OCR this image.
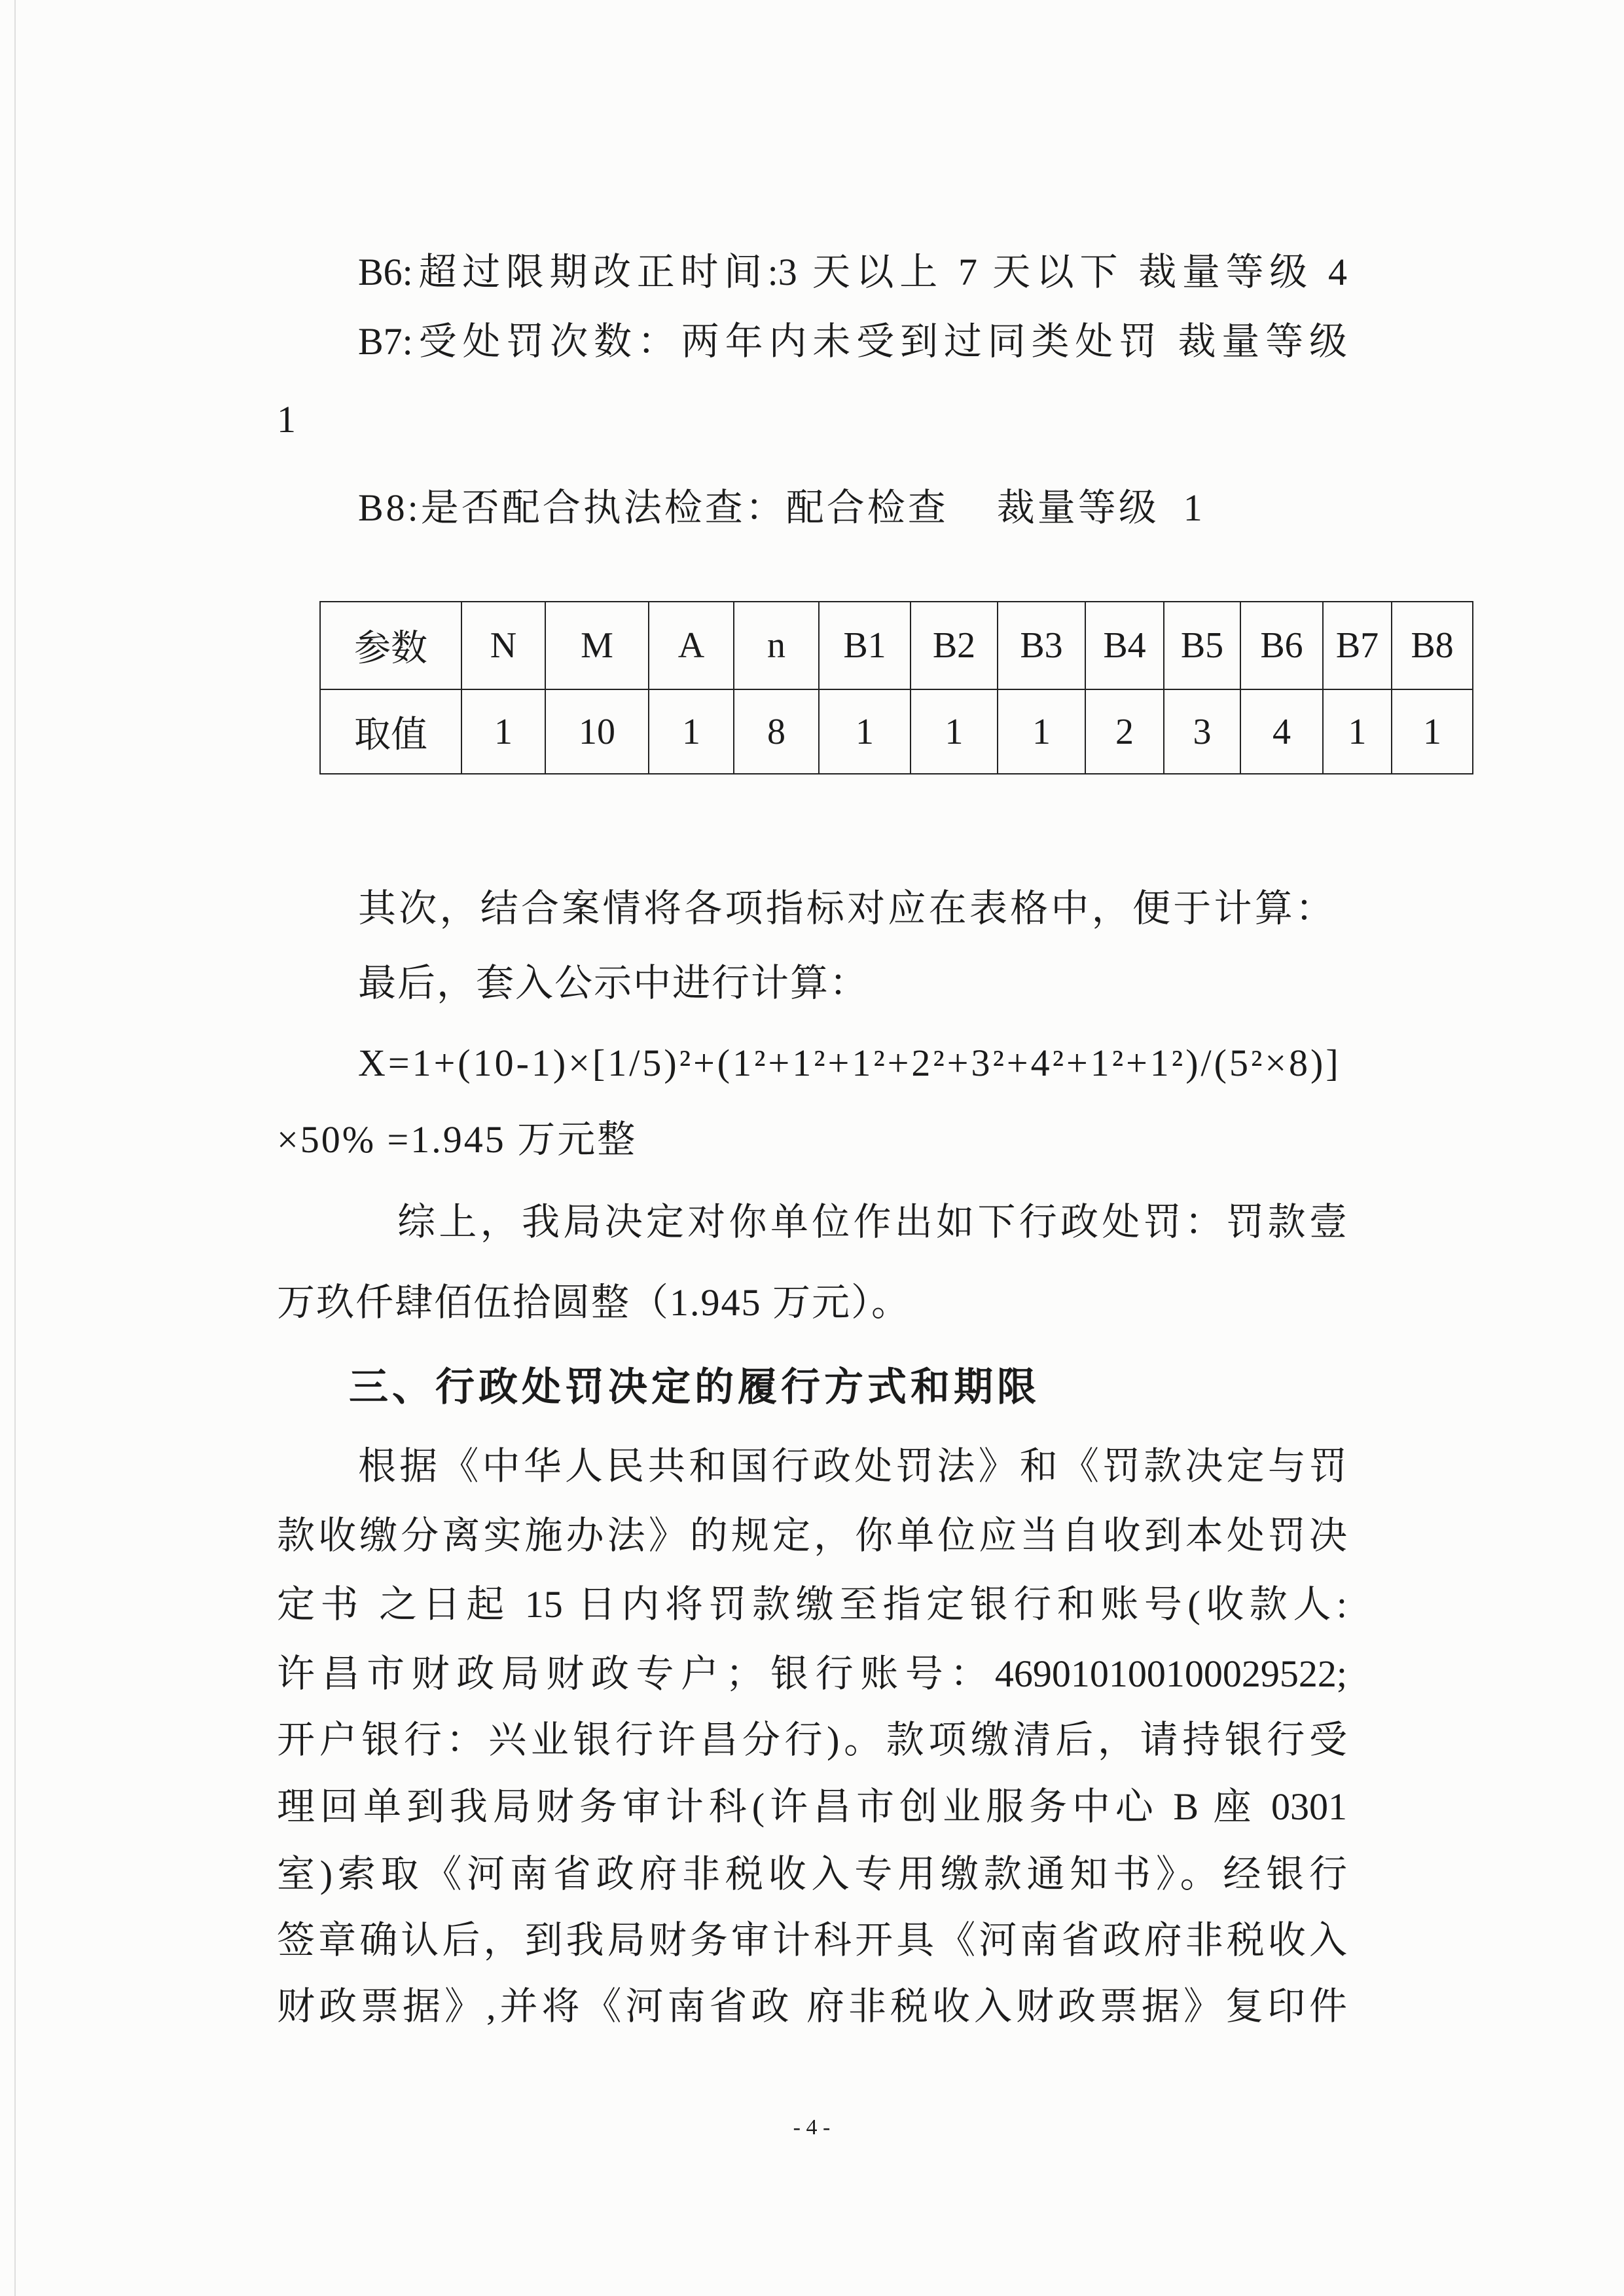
B6:超过限期改正时间:3 天以上 7 天以下 裁量等级 4
B7:受处罚次数：两年内未受到过同类处罚 裁量等级
1
B8:是否配合执法检查：配合检查    裁量等级  1
参数	N	M	A	n	B1	B2	B3	B4	B5	B6	B7	B8
取值	1	10	1	8	1	1	1	2	3	4	1	1
其次，结合案情将各项指标对应在表格中，便于计算：
最后，套入公示中进行计算：
X=1+(10-1)×[1/5)²+(1²+1²+1²+2²+3²+4²+1²+1²)/(5²×8)]
×50% =1.945 万元整
综上，我局决定对你单位作出如下行政处罚：罚款壹
万玖仟肆佰伍拾圆整（1.945 万元）。
三、行政处罚决定的履行方式和期限
根据《中华人民共和国行政处罚法》和《罚款决定与罚
款收缴分离实施办法》的规定，你单位应当自收到本处罚决
定书 之日起 15 日内将罚款缴至指定银行和账号(收款人:
许昌市财政局财政专户；银行账号：469010100100029522;
开户银行：兴业银行许昌分行)。款项缴清后，请持银行受
理回单到我局财务审计科(许昌市创业服务中心 B 座 0301
室)索取《河南省政府非税收入专用缴款通知书》。经银行
签章确认后，到我局财务审计科开具《河南省政府非税收入
财政票据》,并将《河南省政 府非税收入财政票据》复印件
- 4 -
